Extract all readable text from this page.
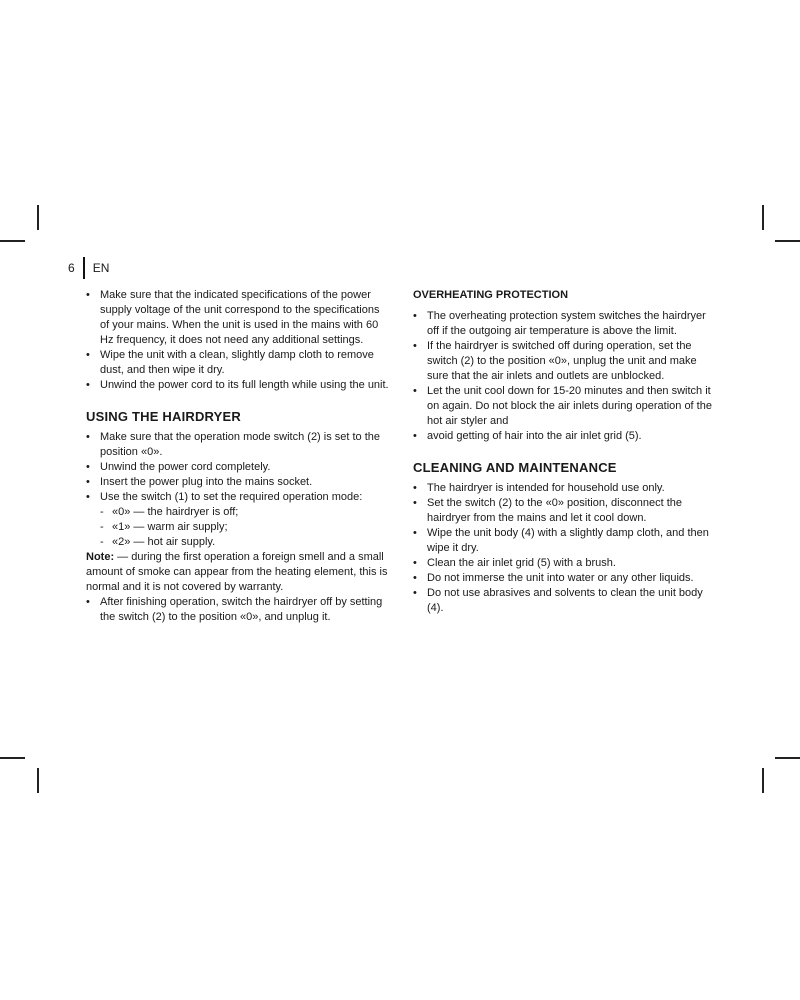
6 EN
• Make sure that the indicated specifications of the power supply voltage of the unit correspond to the specifications of your mains. When the unit is used in the mains with 60 Hz frequency, it does not need any additional settings.
• Wipe the unit with a clean, slightly damp cloth to remove dust, and then wipe it dry.
• Unwind the power cord to its full length while using the unit.
USING THE HAIRDRYER
• Make sure that the operation mode switch (2) is set to the position «0».
• Unwind the power cord completely.
• Insert the power plug into the mains socket.
• Use the switch (1) to set the required operation mode:
- «0» — the hairdryer is off;
- «1» — warm air supply;
- «2» — hot air supply.

Note: — during the first operation a foreign smell and a small amount of smoke can appear from the heating element, this is normal and it is not covered by warranty.

• After finishing operation, switch the hairdryer off by setting the switch (2) to the position «0», and unplug it.
OVERHEATING PROTECTION
• The overheating protection system switches the hairdryer off if the outgoing air temperature is above the limit.
• If the hairdryer is switched off during operation, set the switch (2) to the position «0», unplug the unit and make sure that the air inlets and outlets are unblocked.
• Let the unit cool down for 15-20 minutes and then switch it on again. Do not block the air inlets during operation of the hot air styler and
• avoid getting of hair into the air inlet grid (5).
CLEANING AND MAINTENANCE
• The hairdryer is intended for household use only.
• Set the switch (2) to the «0» position, disconnect the hairdryer from the mains and let it cool down.
• Wipe the unit body (4) with a slightly damp cloth, and then wipe it dry.
• Clean the air inlet grid (5) with a brush.
• Do not immerse the unit into water or any other liquids.
• Do not use abrasives and solvents to clean the unit body (4).
